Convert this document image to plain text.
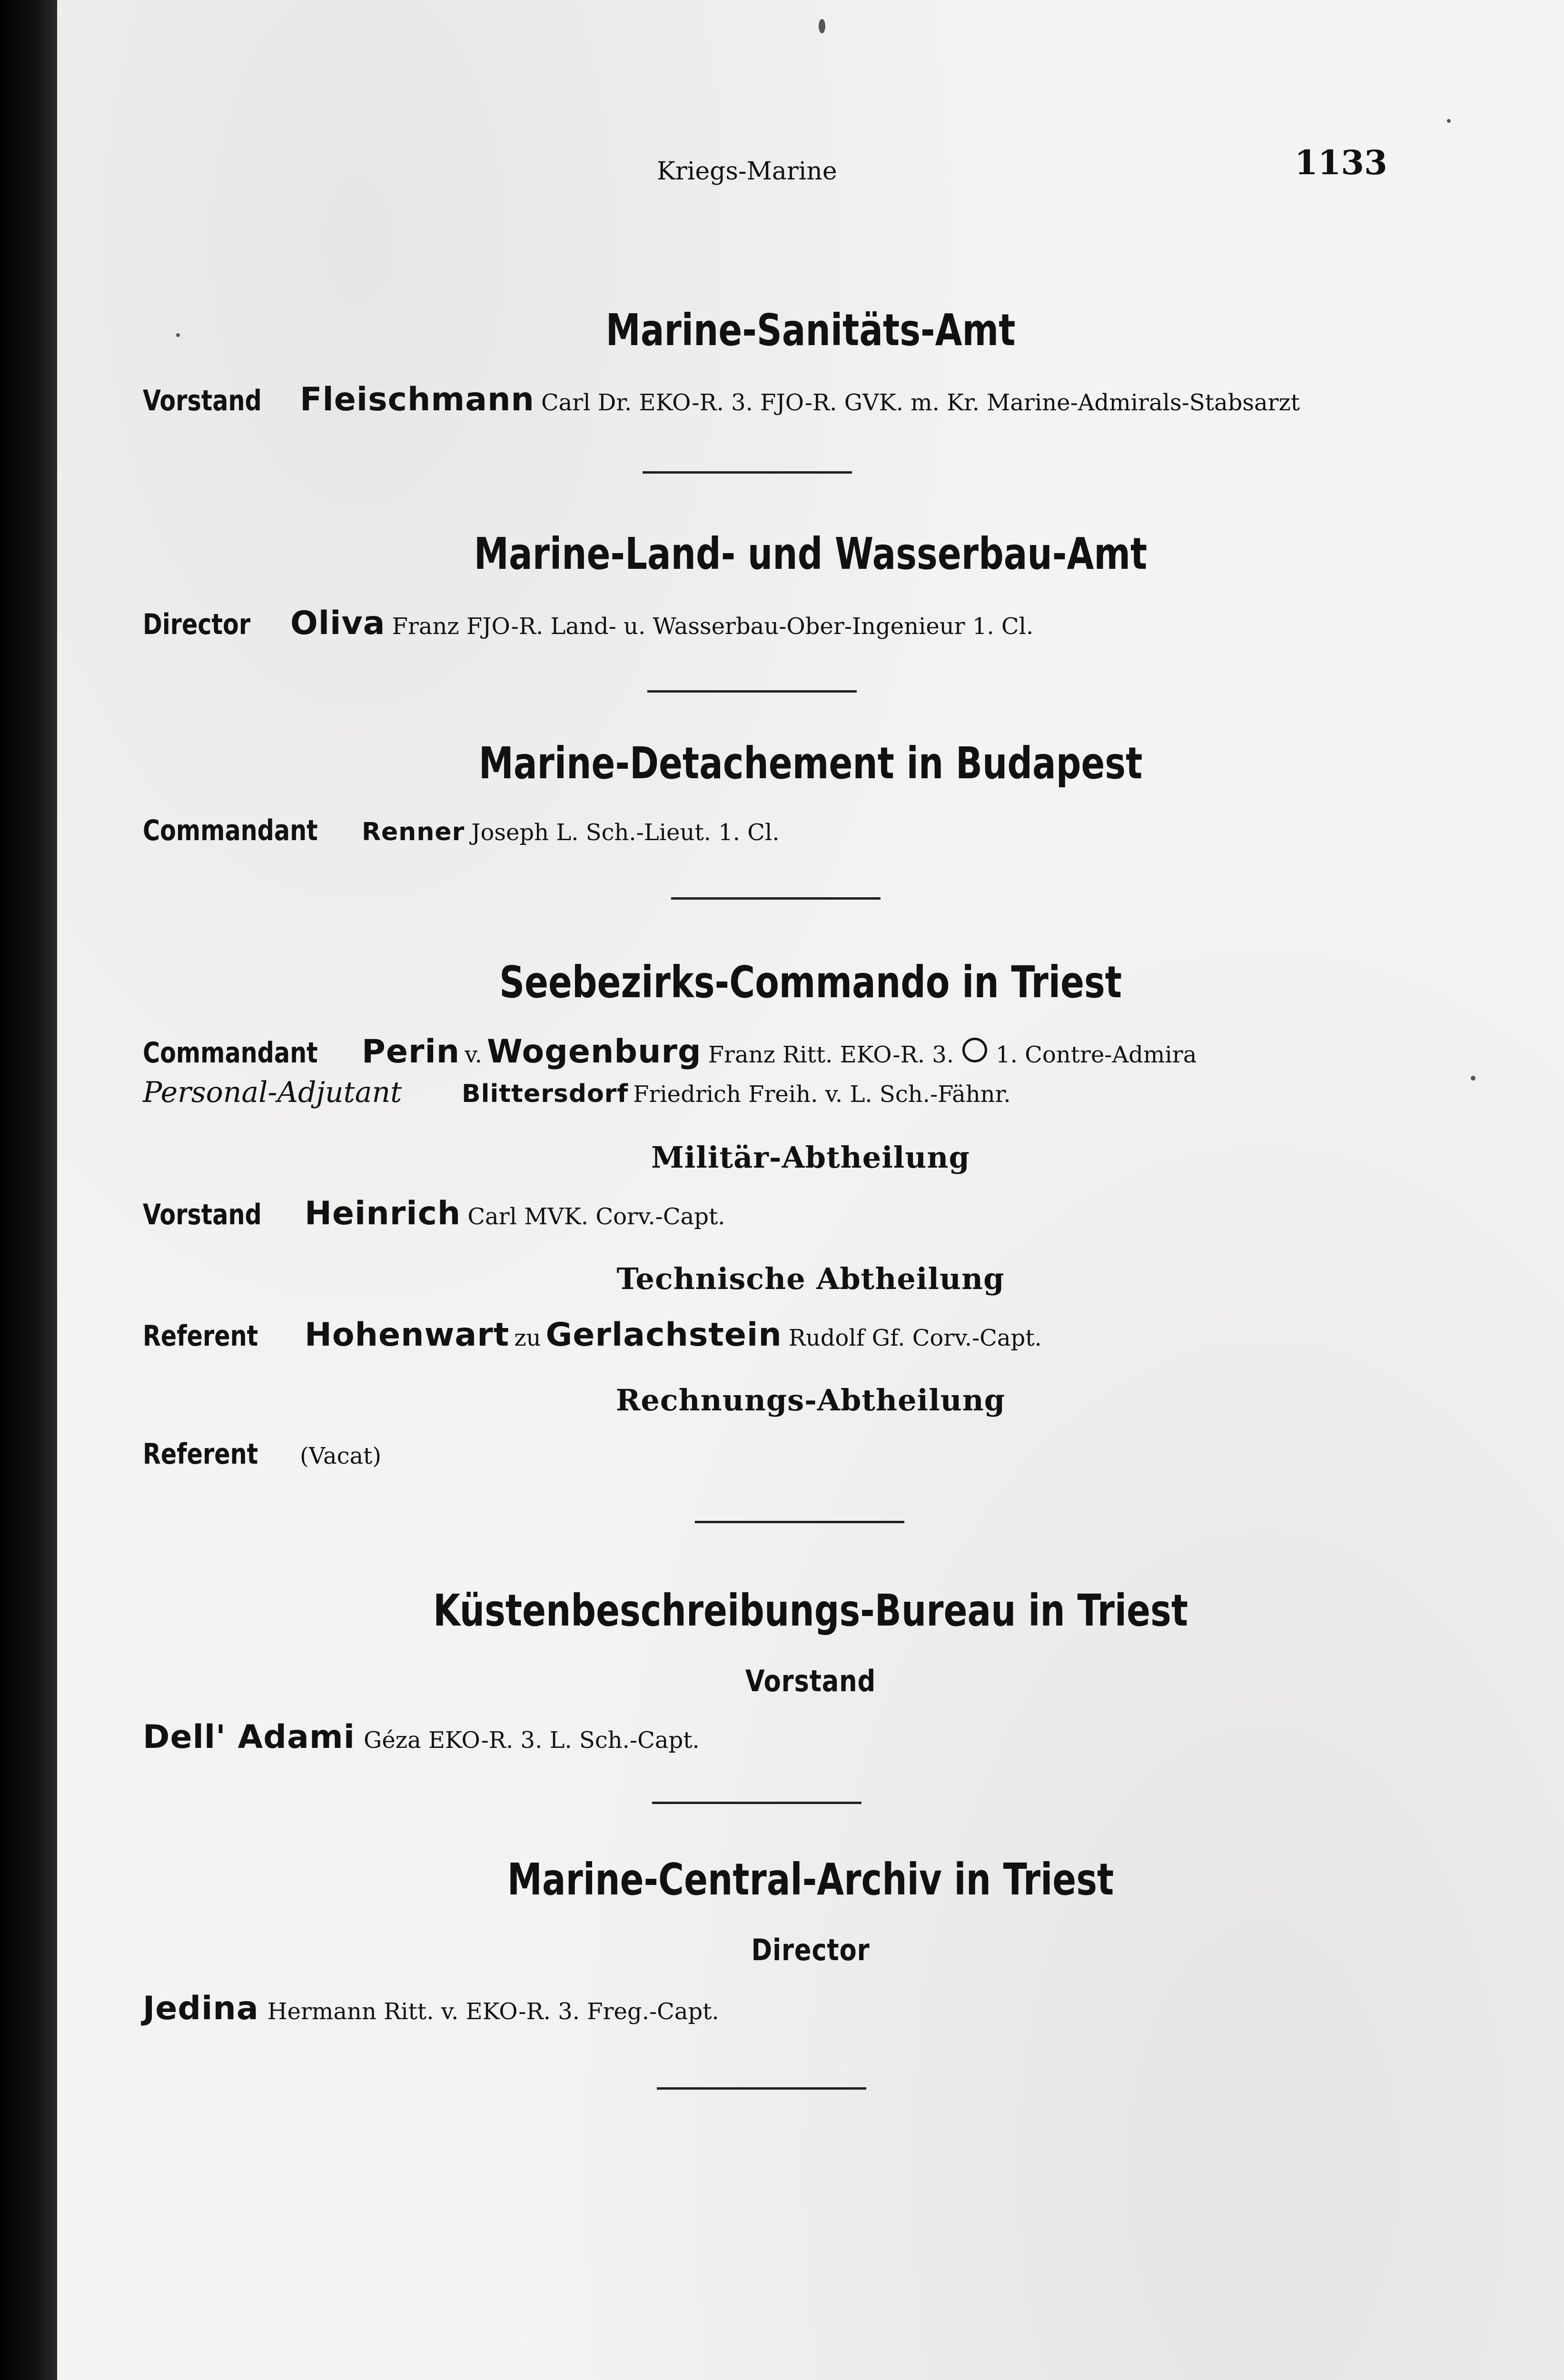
Kriegs-Marine	1133
Marine-Sanitäts-Amt
Vorstand	Fleischmann Carl Dr. EKO-R. 3. FJO-R. GVK. m. Kr. Marine-Admirals-Stabsarzt
Marine-Land- und Wasserbau-Amt
Director	Oliva Franz FJO-R. Land- u. Wasserbau-Ober-Ingenieur 1. Cl.
Marine-Detachement in Budapest
Commandant Renner Joseph L. Sch.-Lieut. 1. Cl.
Seebezirks-Commando in Triest
Commandant Perin v. Wogenburg Franz Ritt. EKO-R. 3. 1. Contre-Admira
Personal-Adjutant	Blittersdorf Friedrich Freih. v. L. Sch.-Fähnr.
Militär-Abtheilung
Vorstand	Heinrich Carl MVK. Corv.-Capt.
Technische Abtheilung
Referent	Hohenwart zu Gerlachstein Rudolf Gf. Corv.-Capt.
Rechnungs-Abtheilung
Referent	(Vacat)
Küstenbeschreibungs-Bureau in Triest
Vorstand
Dell' Adami Géza EKO-R. 3. L. Sch.-Capt.
Marine-Central-Archiv in Triest
Director
Jedina Hermann Ritt. v. EKO-R. 3. Freg.-Capt.
